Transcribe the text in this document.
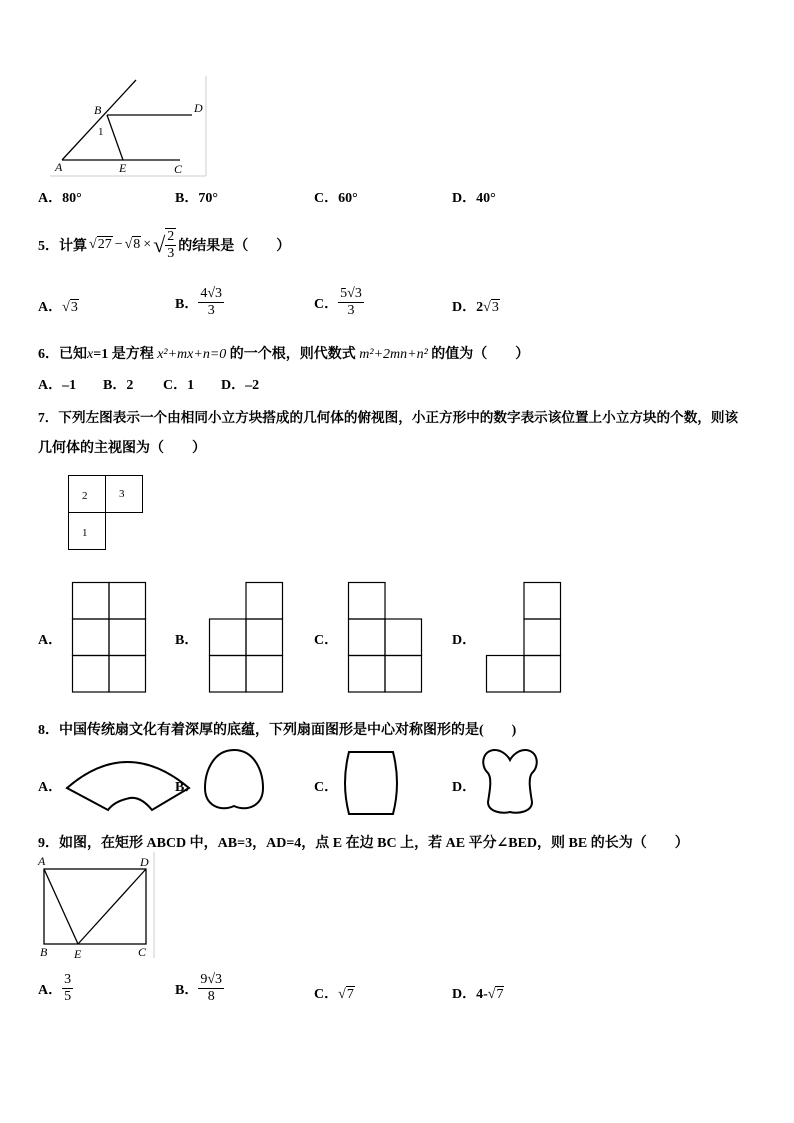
B	D
1
A	E	C
A．80°	B．70°	C．60°	D．40°
5．计算 √27 − √8 × √ $\frac{2}{3}$ 的结果是（　　）
A．√3	B． $\frac{4√3}{3}$	C． $\frac{5√3}{3}$	D．2√3
6．已知x=1 是方程 x²+mx+n=0 的一个根，则代数式 m²+2mn+n² 的值为（　　）
A．–1 B．2 C．1 D．–2
7．下列左图表示一个由相同小立方块搭成的几何体的俯视图，小正方形中的数字表示该位置上小立方块的个数，则该
几何体的主视图为（　　）
2	3
1
A．	B．	C．	D．
8．中国传统扇文化有着深厚的底蕴，下列扇面图形是中心对称图形的是(　　)
A．	B．	C．	D．
9．如图，在矩形 ABCD 中，AB=3，AD=4，点 E 在边 BC 上，若 AE 平分∠BED，则 BE 的长为（　　）
A	D
B E	C
A． $\frac{3}{5}$	B． $\frac{9√3}{8}$	C．√7	D．4-√7
